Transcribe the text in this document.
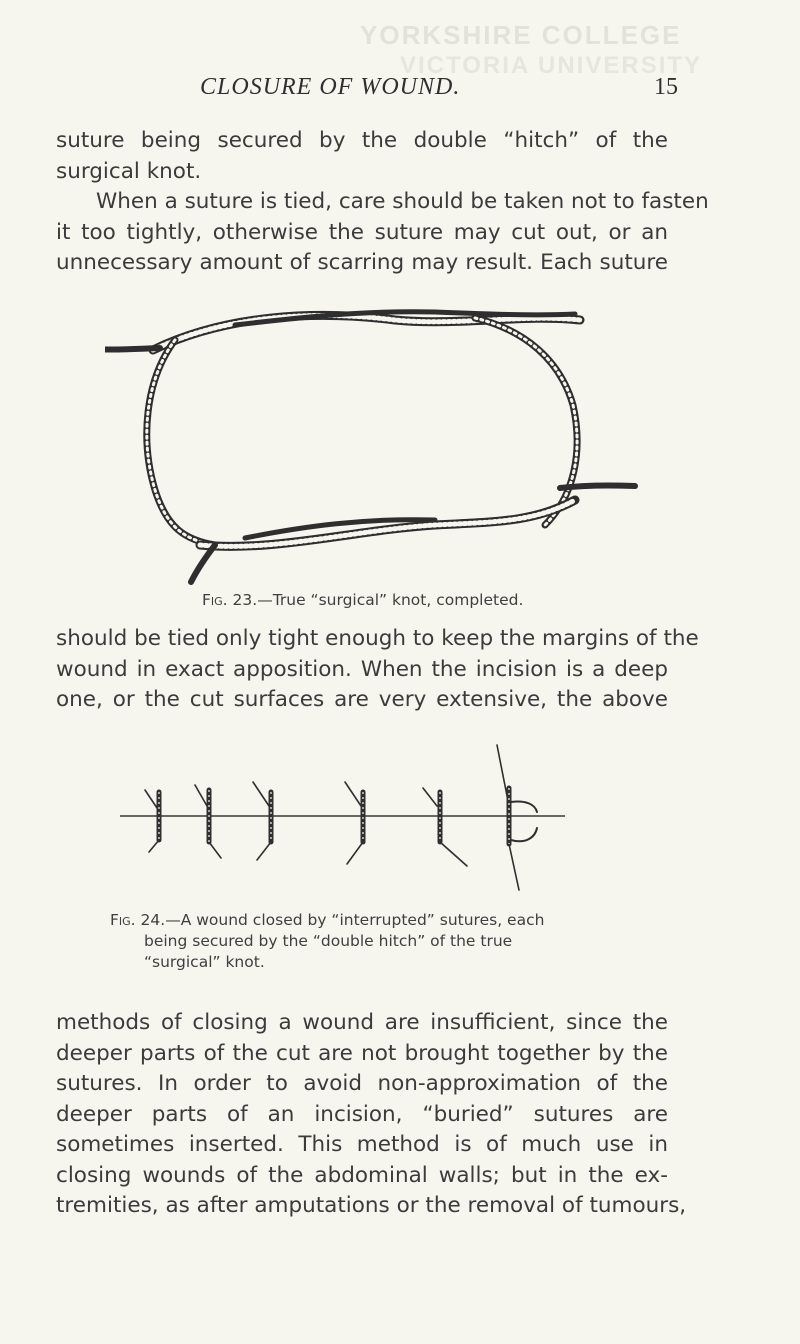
YORKSHIRE COLLEGE
VICTORIA UNIVERSITY
CLOSURE OF WOUND.	15
suture being secured by the double “hitch” of the
surgical knot.
When a suture is tied, care should be taken not to fasten
it too tightly, otherwise the suture may cut out, or an
unnecessary amount of scarring may result. Each suture
Fig. 23.—True “surgical” knot, completed.
should be tied only tight enough to keep the margins of the
wound in exact apposition. When the incision is a deep
one, or the cut surfaces are very extensive, the above
Fig. 24.—A wound closed by “interrupted” sutures, each
being secured by the “double hitch” of the true
“surgical” knot.
methods of closing a wound are insufficient, since the
deeper parts of the cut are not brought together by the
sutures. In order to avoid non-approximation of the
deeper parts of an incision, “buried” sutures are
sometimes inserted. This method is of much use in
closing wounds of the abdominal walls; but in the ex-
tremities, as after amputations or the removal of tumours,
